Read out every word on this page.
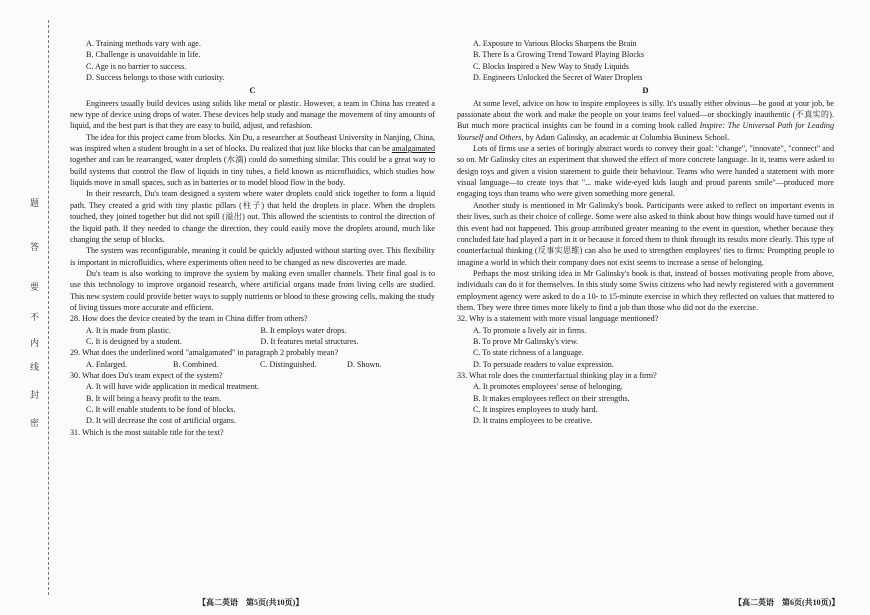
题
答
要
不
内
线
封
密
A. Training methods vary with age.
B. Challenge is unavoidable in life.
C. Age is no barrier to success.
D. Success belongs to those with curiosity.
C

Engineers usually build devices using solids like metal or plastic. However, a team in China has created a new type of device using drops of water. These devices help study and manage the movement of tiny amounts of liquid, and the best part is that they are easy to build, adjust, and refashion.

The idea for this project came from blocks. Xin Du, a researcher at Southeast University in Nanjing, China, was inspired when a student brought in a set of blocks. Du realized that just like blocks that can be amalgamated together and can be rearranged, water droplets (水滴) could do something similar. This could be a great way to build systems that control the flow of liquids in tiny tubes, a field known as microfluidics, which studies how liquids move in small spaces, such as in batteries or to model blood flow in the body.

In their research, Du's team designed a system where water droplets could stick together to form a liquid path. They created a grid with tiny plastic pillars (柱子) that held the droplets in place. When the droplets touched, they joined together but did not spill (溢出) out. This allowed the scientists to control the direction of the liquid path. If they needed to change the direction, they could easily move the droplets around, much like changing the setup of blocks.

The system was reconfigurable, meaning it could be quickly adjusted without starting over. This flexibility is important in microfluidics, where experiments often need to be changed as new discoveries are made.

Du's team is also working to improve the system by making even smaller channels. Their final goal is to use this technology to improve organoid research, where artificial organs made from living cells are studied. This new system could provide better ways to supply nutrients or blood to these growing cells, making the study of living tissues more accurate and efficient.

28. How does the device created by the team in China differ from others?
A. It is made from plastic.	B. It employs water drops.
C. It is designed by a student.	D. It features metal structures.
29. What does the underlined word "amalgamated" in paragraph 2 probably mean?
A. Enlarged.	B. Combined.	C. Distinguished.	D. Shown.
30. What does Du's team expect of the system?
A. It will have wide application in medical treatment.
B. It will bring a heavy profit to the team.
C. It will enable students to be fond of blocks.
D. It will decrease the cost of artificial organs.
31. Which is the most suitable title for the text?
A. Exposure to Various Blocks Sharpens the Brain
B. There Is a Growing Trend Toward Playing Blocks
C. Blocks Inspired a New Way to Study Liquids
D. Engineers Unlocked the Secret of Water Droplets
D

At some level, advice on how to inspire employees is silly. It's usually either obvious—be good at your job, be passionate about the work and make the people on your teams feel valued—or shockingly inauthentic (不真实的). But much more practical insights can be found in a coming book called Inspire: The Universal Path for Leading Yourself and Others, by Adam Galinsky, an academic at Columbia Business School.

Lots of firms use a series of boringly abstract words to convey their goal: "change", "innovate", "connect" and so on. Mr Galinsky cites an experiment that showed the effect of more concrete language. In it, teams were asked to design toys and given a vision statement to guide their behaviour. Teams who were handed a statement with more visual language—to create toys that "... make wide-eyed kids laugh and proud parents smile"—produced more engaging toys than teams who were given something more general.

Another study is mentioned in Mr Galinsky's book. Participants were asked to reflect on important events in their lives, such as their choice of college. Some were also asked to think about how things would have turned out if this event had not happened. This group attributed greater meaning to the event in question, whether because they concluded fate had played a part in it or because it forced them to think through its results more clearly. This type of counterfactual thinking (反事实思维) can also be used to strengthen employees' ties to firms: Prompting people to imagine a world in which their company does not exist seems to increase a sense of belonging.

Perhaps the most striking idea in Mr Galinsky's book is that, instead of bosses motivating people from above, individuals can do it for themselves. In this study some Swiss citizens who had newly registered with a government employment agency were asked to do a 10- to 15-minute exercise in which they reflected on values that mattered to them. They were three times more likely to find a job than those who did not do the exercise.

32. Why is a statement with more visual language mentioned?
A. To promote a lively air in firms.
B. To prove Mr Galinsky's view.
C. To state richness of a language.
D. To persuade readers to value expression.
33. What role does the counterfactual thinking play in a firm?
A. It promotes employees' sense of belonging.
B. It makes employees reflect on their strengths.
C. It inspires employees to study hard.
D. It trains employees to be creative.
【高二英语　第5页(共10页)】	【高二英语　第6页(共10页)】
